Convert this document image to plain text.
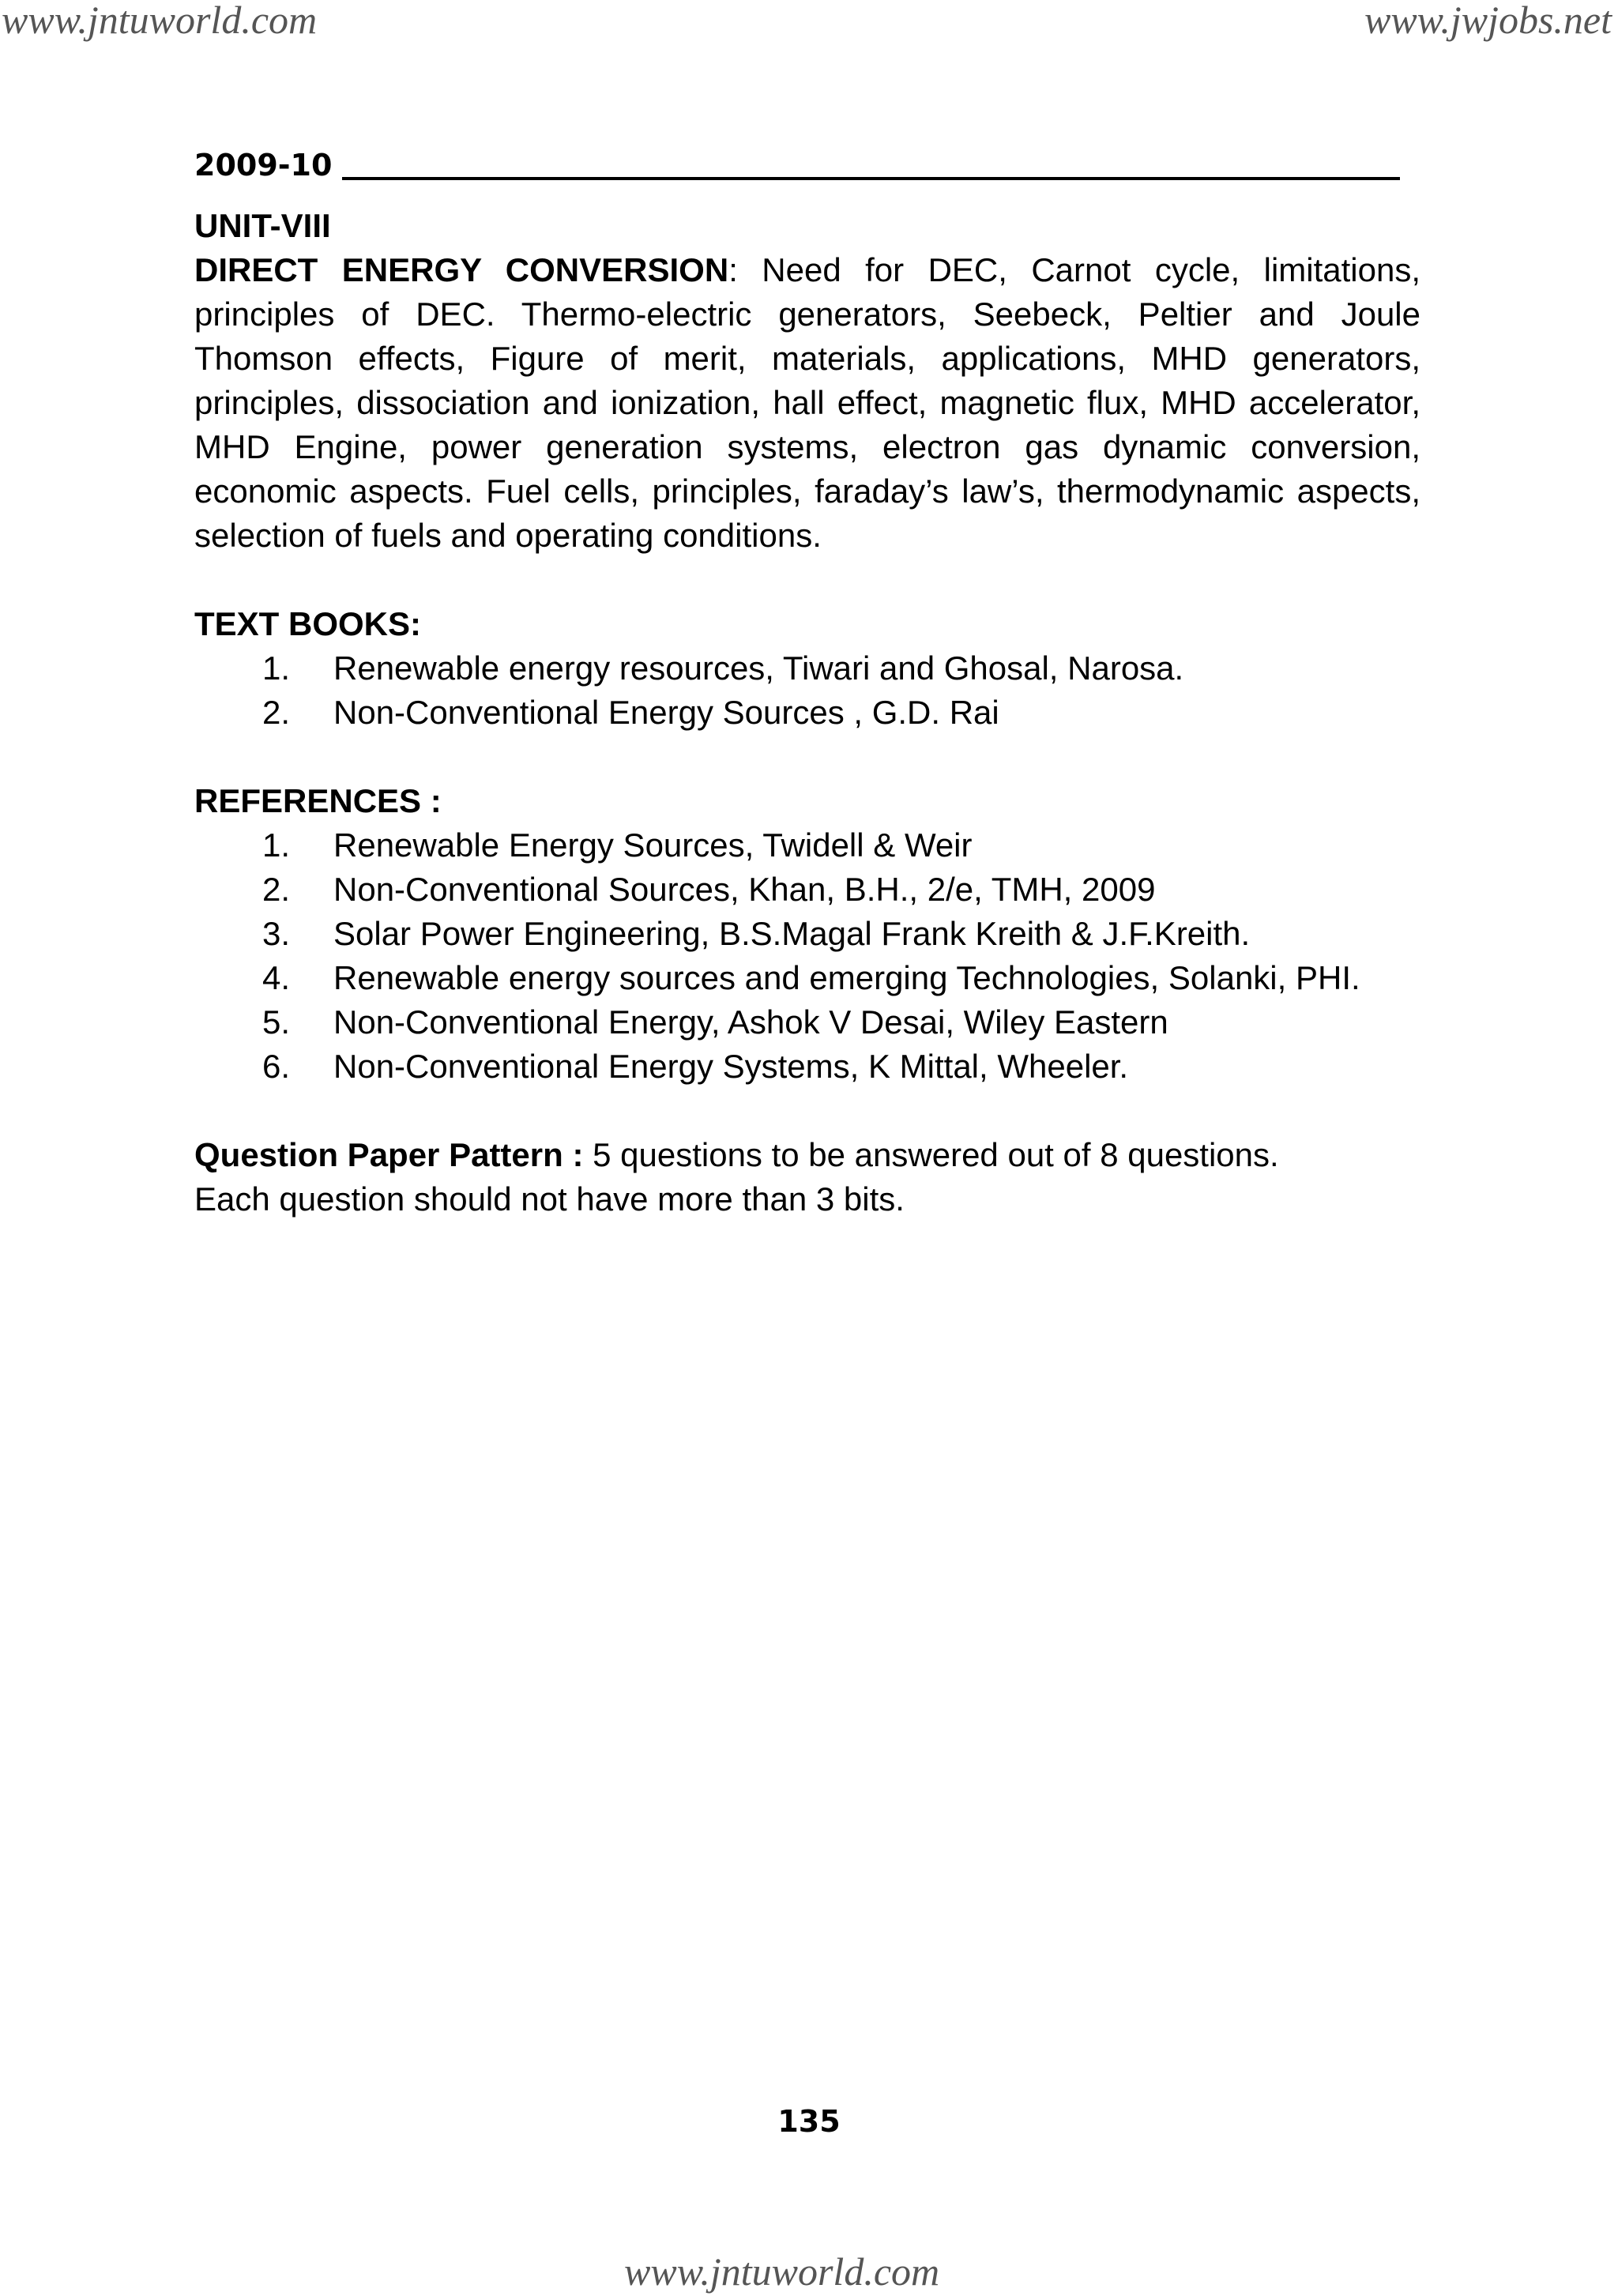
www.jntuworld.com	www.jwjobs.net
2009-10

UNIT-VIII

DIRECT ENERGY CONVERSION: Need for DEC, Carnot cycle, limitations, principles of DEC. Thermo-electric generators, Seebeck, Peltier and Joule Thomson effects, Figure of merit, materials, applications, MHD generators, principles, dissociation and ionization, hall effect, magnetic flux, MHD accelerator, MHD Engine, power generation systems, electron gas dynamic conversion, economic aspects. Fuel cells, principles, faraday’s law’s, thermodynamic aspects, selection of fuels and operating conditions.

TEXT BOOKS:

1. Renewable energy resources, Tiwari and Ghosal, Narosa.
2. Non-Conventional Energy Sources , G.D. Rai

REFERENCES :

1. Renewable Energy Sources, Twidell & Weir
2. Non-Conventional Sources, Khan, B.H., 2/e, TMH, 2009
3. Solar Power Engineering, B.S.Magal Frank Kreith & J.F.Kreith.
4. Renewable energy sources and emerging Technologies, Solanki, PHI.
5. Non-Conventional Energy, Ashok V Desai, Wiley Eastern
6. Non-Conventional Energy Systems, K Mittal, Wheeler.

Question Paper Pattern : 5 questions to be answered out of 8 questions. Each question should not have more than 3 bits.

135
www.jntuworld.com
